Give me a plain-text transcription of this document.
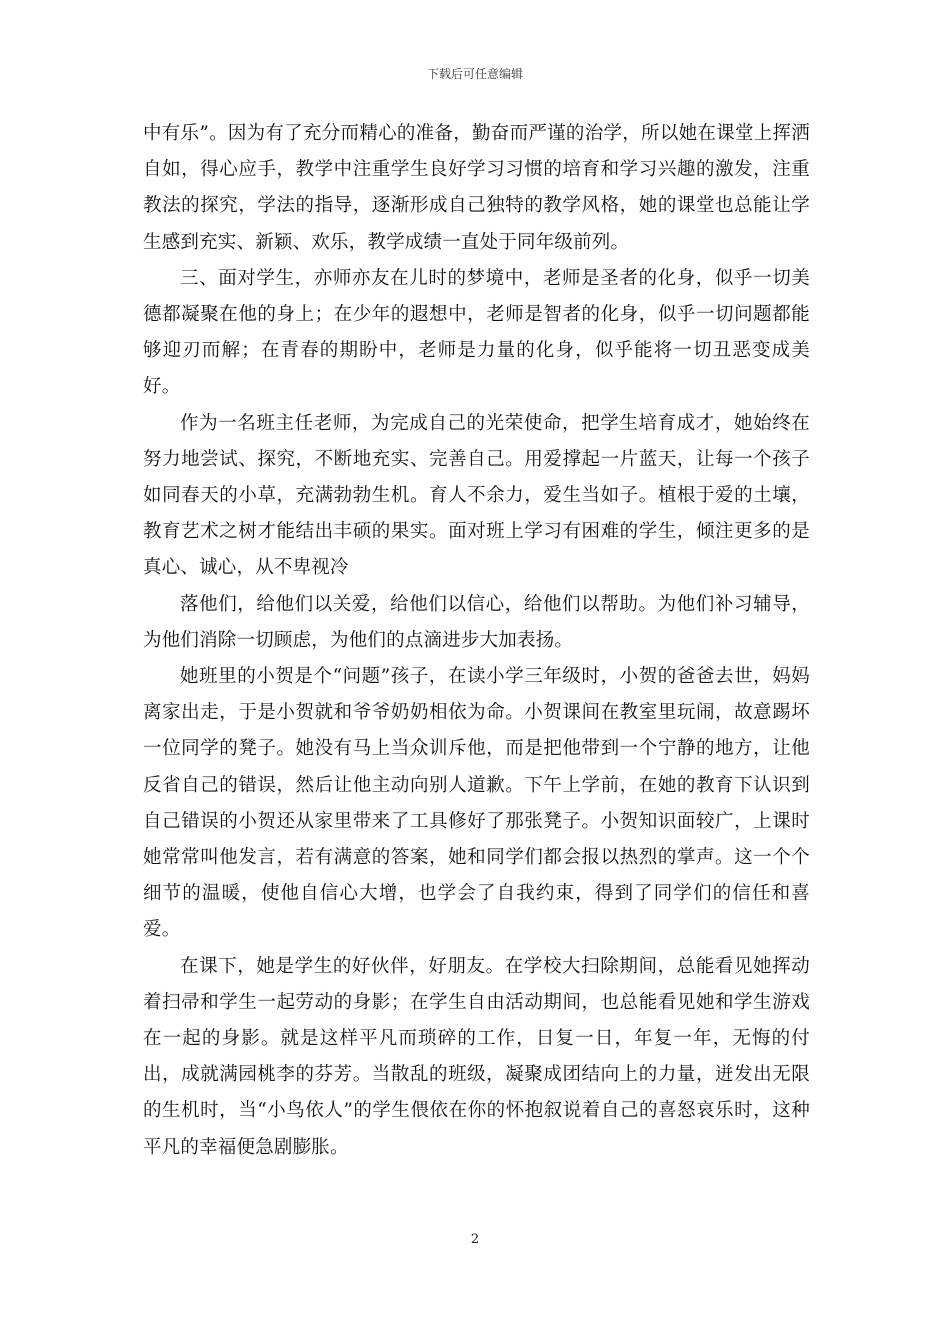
下载后可任意编辑

中有乐”。因为有了充分而精心的准备，勤奋而严谨的治学，所以她在课堂上挥洒自如，得心应手，教学中注重学生良好学习习惯的培育和学习兴趣的激发，注重教法的探究，学法的指导，逐渐形成自己独特的教学风格，她的课堂也总能让学生感到充实、新颖、欢乐，教学成绩一直处于同年级前列。

三、面对学生，亦师亦友在儿时的梦境中，老师是圣者的化身，似乎一切美德都凝聚在他的身上；在少年的遐想中，老师是智者的化身，似乎一切问题都能够迎刃而解；在青春的期盼中，老师是力量的化身，似乎能将一切丑恶变成美好。

作为一名班主任老师，为完成自己的光荣使命，把学生培育成才，她始终在努力地尝试、探究，不断地充实、完善自己。用爱撑起一片蓝天，让每一个孩子如同春天的小草，充满勃勃生机。育人不余力，爱生当如子。植根于爱的土壤，教育艺术之树才能结出丰硕的果实。面对班上学习有困难的学生，倾注更多的是真心、诚心，从不卑视冷

落他们，给他们以关爱，给他们以信心，给他们以帮助。为他们补习辅导，为他们消除一切顾虑，为他们的点滴进步大加表扬。

她班里的小贺是个“问题”孩子，在读小学三年级时，小贺的爸爸去世，妈妈离家出走，于是小贺就和爷爷奶奶相依为命。小贺课间在教室里玩闹，故意踢坏一位同学的凳子。她没有马上当众训斥他，而是把他带到一个宁静的地方，让他反省自己的错误，然后让他主动向别人道歉。下午上学前，在她的教育下认识到自己错误的小贺还从家里带来了工具修好了那张凳子。小贺知识面较广，上课时她常常叫他发言，若有满意的答案，她和同学们都会报以热烈的掌声。这一个个细节的温暖，使他自信心大增，也学会了自我约束，得到了同学们的信任和喜爱。

在课下，她是学生的好伙伴，好朋友。在学校大扫除期间，总能看见她挥动着扫帚和学生一起劳动的身影；在学生自由活动期间，也总能看见她和学生游戏在一起的身影。就是这样平凡而琐碎的工作，日复一日，年复一年，无悔的付出，成就满园桃李的芬芳。当散乱的班级，凝聚成团结向上的力量，迸发出无限的生机时，当“小鸟依人”的学生偎依在你的怀抱叙说着自己的喜怒哀乐时，这种平凡的幸福便急剧膨胀。

2
